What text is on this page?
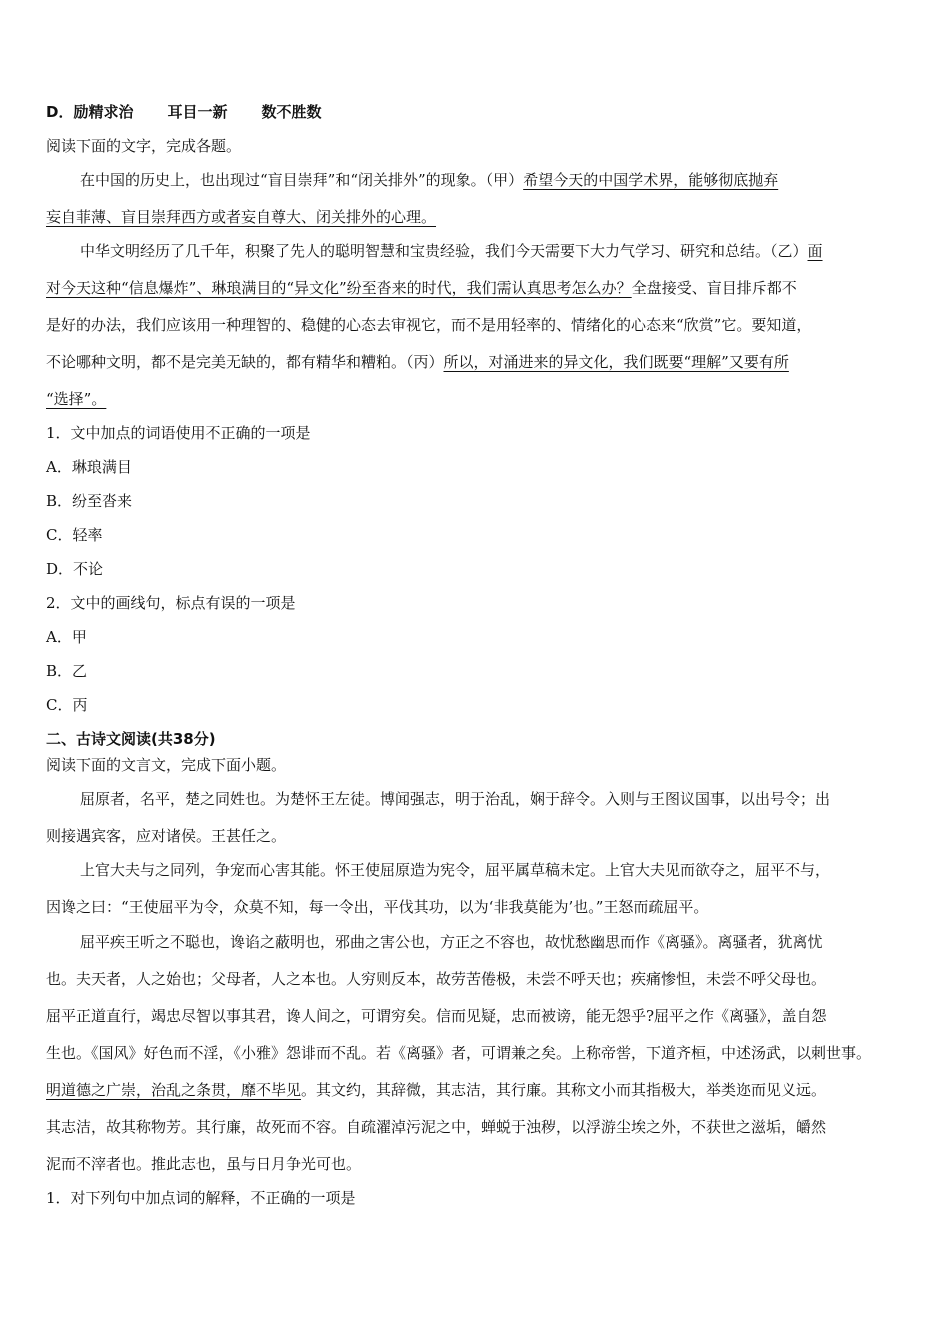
D．励精求治 耳目一新 数不胜数
阅读下面的文字，完成各题。
在中国的历史上，也出现过“盲目崇拜”和“闭关排外”的现象。（甲）希望今天的中国学术界，能够彻底抛弃
妄自菲薄、盲目崇拜西方或者妄自尊大、闭关排外的心理。
中华文明经历了几千年，积聚了先人的聪明智慧和宝贵经验，我们今天需要下大力气学习、研究和总结。（乙）面
对今天这种“信息爆炸”、琳琅满目的“异文化”纷至沓来的时代，我们需认真思考怎么办？全盘接受、盲目排斥都不
是好的办法，我们应该用一种理智的、稳健的心态去审视它，而不是用轻率的、情绪化的心态来“欣赏”它。要知道，
不论哪种文明，都不是完美无缺的，都有精华和糟粕。（丙）所以，对涌进来的异文化，我们既要“理解”又要有所
“选择”。
1．文中加点的词语使用不正确的一项是
A．琳琅满目
B．纷至沓来
C．轻率
D．不论
2．文中的画线句，标点有误的一项是
A．甲
B．乙
C．丙
二、古诗文阅读(共38分)
阅读下面的文言文，完成下面小题。
屈原者，名平，楚之同姓也。为楚怀王左徒。博闻强志，明于治乱，娴于辞令。入则与王图议国事，以出号令；出
则接遇宾客，应对诸侯。王甚任之。
上官大夫与之同列，争宠而心害其能。怀王使屈原造为宪令，屈平属草稿未定。上官大夫见而欲夺之，屈平不与，
因谗之曰：“王使屈平为令，众莫不知，每一令出，平伐其功，以为‘非我莫能为’也。”王怒而疏屈平。
屈平疾王听之不聪也，谗谄之蔽明也，邪曲之害公也，方正之不容也，故忧愁幽思而作《离骚》。离骚者，犹离忧
也。夫天者，人之始也；父母者，人之本也。人穷则反本，故劳苦倦极，未尝不呼天也；疾痛惨怛，未尝不呼父母也。
屈平正道直行，竭忠尽智以事其君，谗人间之，可谓穷矣。信而见疑，忠而被谤，能无怨乎?屈平之作《离骚》，盖自怨
生也。《国风》好色而不淫，《小雅》怨诽而不乱。若《离骚》者，可谓兼之矣。上称帝喾，下道齐桓，中述汤武，以刺世事。
明道德之广崇，治乱之条贯，靡不毕见。其文约，其辞微，其志洁，其行廉。其称文小而其指极大，举类迩而见义远。
其志洁，故其称物芳。其行廉，故死而不容。自疏濯淖污泥之中，蝉蜕于浊秽，以浮游尘埃之外，不获世之滋垢，皭然
泥而不滓者也。推此志也，虽与日月争光可也。
1．对下列句中加点词的解释，不正确的一项是
